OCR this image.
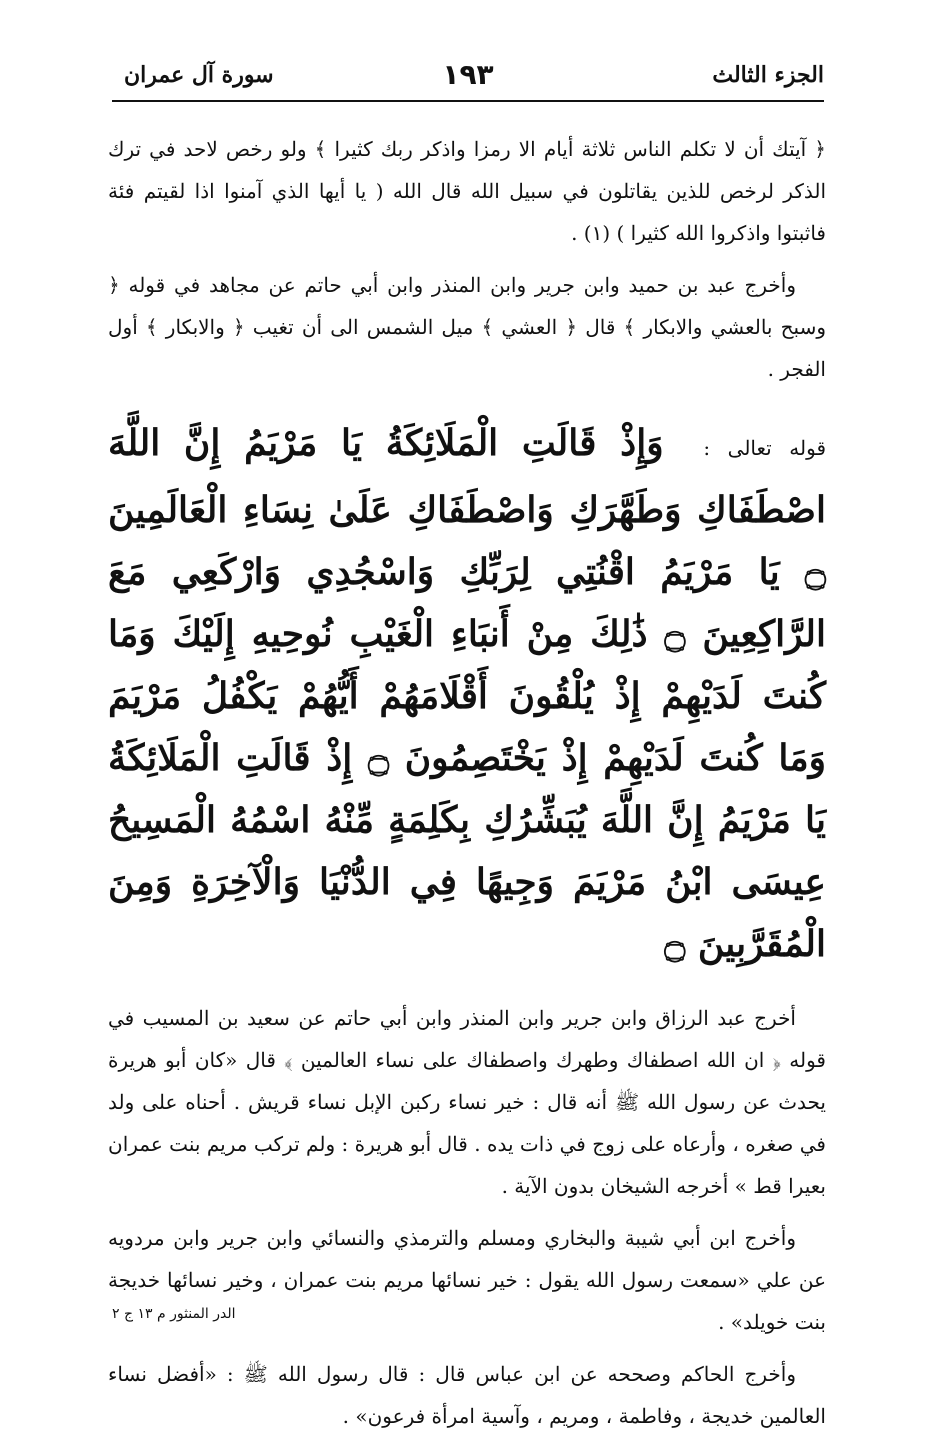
الجزء الثالث
١٩٣
سورة آل عمران

﴿ آيتك أن لا تكلم الناس ثلاثة أيام الا رمزا واذكر ربك كثيرا ﴾ ولو رخص لاحد في ترك الذكر لرخص للذين يقاتلون في سبيل الله قال الله ( يا أيها الذي آمنوا اذا لقيتم فئة فاثبتوا واذكروا الله كثيرا ) (١) .

وأخرج عبد بن حميد وابن جرير وابن المنذر وابن أبي حاتم عن مجاهد في قوله ﴿ وسبح بالعشي والابكار ﴾ قال ﴿ العشي ﴾ ميل الشمس الى أن تغيب ﴿ والابكار ﴾ أول الفجر .

قوله تعالى : وَإِذْ قَالَتِ الْمَلَائِكَةُ يَا مَرْيَمُ إِنَّ اللَّهَ اصْطَفَاكِ وَطَهَّرَكِ وَاصْطَفَاكِ عَلَىٰ نِسَاءِ الْعَالَمِينَ ۝ يَا مَرْيَمُ اقْنُتِي لِرَبِّكِ وَاسْجُدِي وَارْكَعِي مَعَ الرَّاكِعِينَ ۝ ذَٰلِكَ مِنْ أَنبَاءِ الْغَيْبِ نُوحِيهِ إِلَيْكَ وَمَا كُنتَ لَدَيْهِمْ إِذْ يُلْقُونَ أَقْلَامَهُمْ أَيُّهُمْ يَكْفُلُ مَرْيَمَ وَمَا كُنتَ لَدَيْهِمْ إِذْ يَخْتَصِمُونَ ۝ إِذْ قَالَتِ الْمَلَائِكَةُ يَا مَرْيَمُ إِنَّ اللَّهَ يُبَشِّرُكِ بِكَلِمَةٍ مِّنْهُ اسْمُهُ الْمَسِيحُ عِيسَى ابْنُ مَرْيَمَ وَجِيهًا فِي الدُّنْيَا وَالْآخِرَةِ وَمِنَ الْمُقَرَّبِينَ ۝

أخرج عبد الرزاق وابن جرير وابن المنذر وابن أبي حاتم عن سعيد بن المسيب في قوله ﴿ ان الله اصطفاك وطهرك واصطفاك على نساء العالمين ﴾ قال «كان أبو هريرة يحدث عن رسول الله ﷺ أنه قال : خير نساء ركبن الإبل نساء قريش . أحناه على ولد في صغره ، وأرعاه على زوج في ذات يده . قال أبو هريرة : ولم تركب مريم بنت عمران بعيرا قط » أخرجه الشيخان بدون الآية .

وأخرج ابن أبي شيبة والبخاري ومسلم والترمذي والنسائي وابن جرير وابن مردويه عن علي «سمعت رسول الله يقول : خير نسائها مريم بنت عمران ، وخير نسائها خديجة بنت خويلد» .

وأخرج الحاكم وصححه عن ابن عباس قال : قال رسول الله ﷺ : «أفضل نساء العالمين خديجة ، وفاطمة ، ومريم ، وآسية امرأة فرعون» .

الدر المنثور م ١٣ ج ٢
